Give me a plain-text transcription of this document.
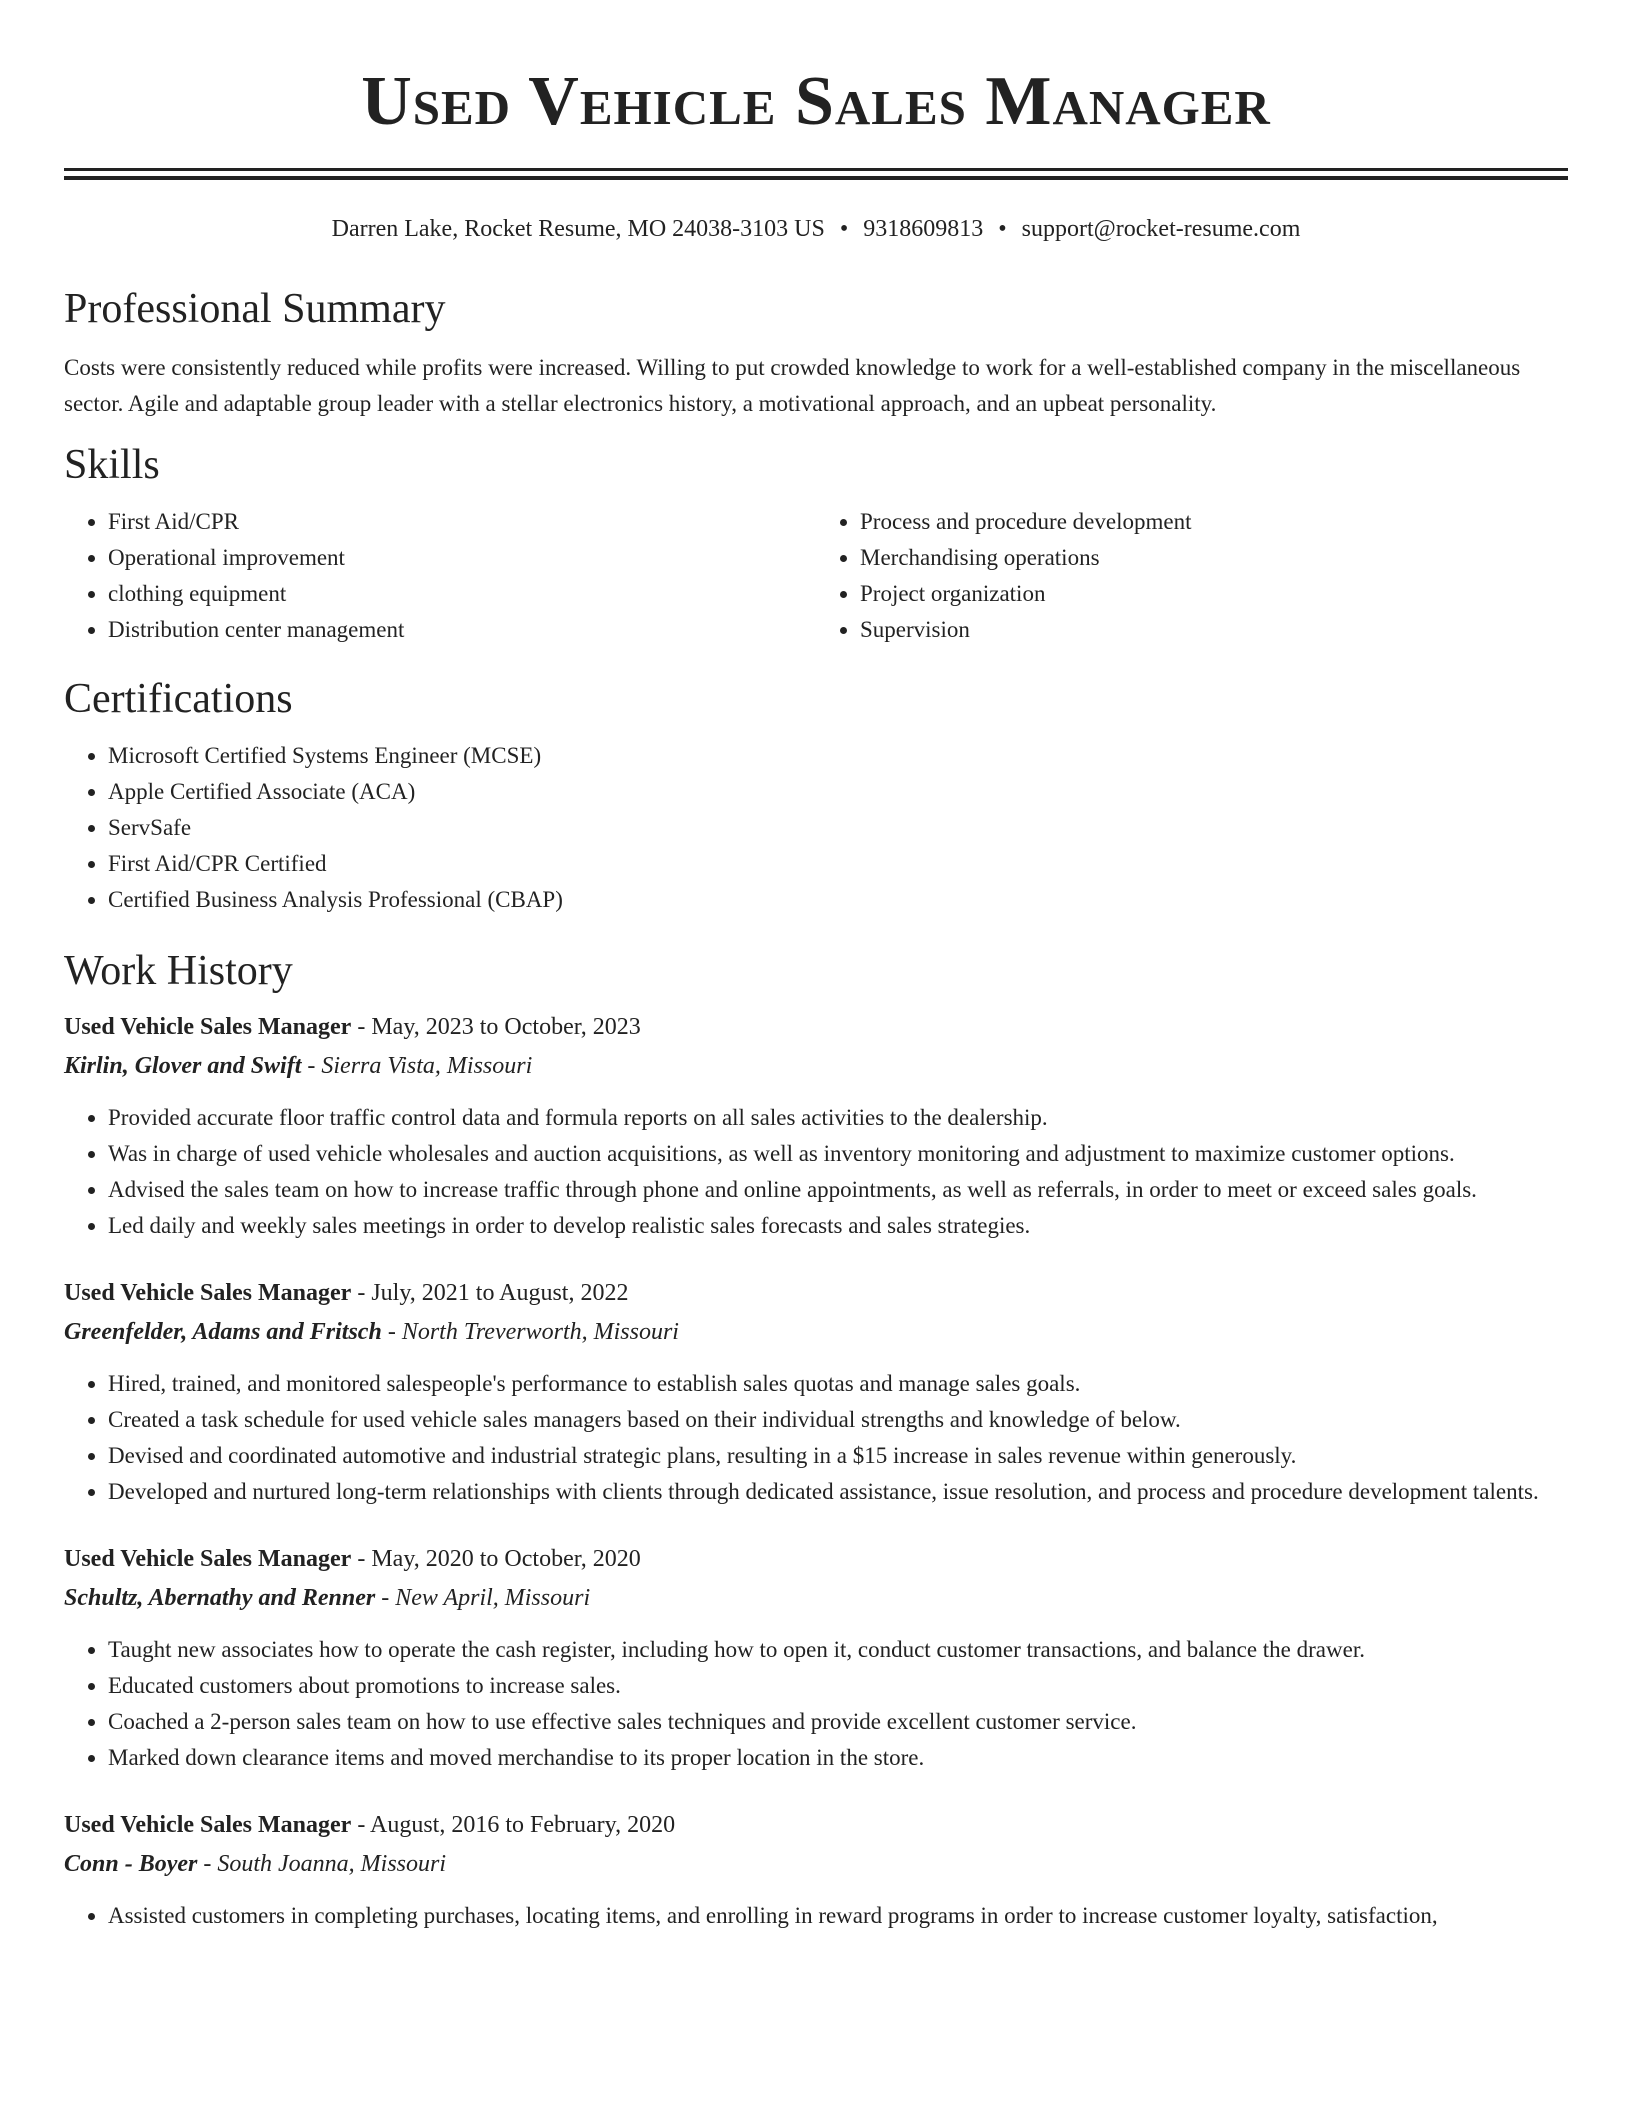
Used Vehicle Sales Manager
Darren Lake, Rocket Resume, MO 24038-3103 US • 9318609813 • support@rocket-resume.com
Professional Summary
Costs were consistently reduced while profits were increased. Willing to put crowded knowledge to work for a well-established company in the miscellaneous sector. Agile and adaptable group leader with a stellar electronics history, a motivational approach, and an upbeat personality.
Skills
• First Aid/CPR
• Operational improvement
• clothing equipment
• Distribution center management
• Process and procedure development
• Merchandising operations
• Project organization
• Supervision
Certifications
• Microsoft Certified Systems Engineer (MCSE)
• Apple Certified Associate (ACA)
• ServSafe
• First Aid/CPR Certified
• Certified Business Analysis Professional (CBAP)
Work History
Used Vehicle Sales Manager - May, 2023 to October, 2023
Kirlin, Glover and Swift - Sierra Vista, Missouri
• Provided accurate floor traffic control data and formula reports on all sales activities to the dealership.
• Was in charge of used vehicle wholesales and auction acquisitions, as well as inventory monitoring and adjustment to maximize customer options.
• Advised the sales team on how to increase traffic through phone and online appointments, as well as referrals, in order to meet or exceed sales goals.
• Led daily and weekly sales meetings in order to develop realistic sales forecasts and sales strategies.
Used Vehicle Sales Manager - July, 2021 to August, 2022
Greenfelder, Adams and Fritsch - North Treverworth, Missouri
• Hired, trained, and monitored salespeople's performance to establish sales quotas and manage sales goals.
• Created a task schedule for used vehicle sales managers based on their individual strengths and knowledge of below.
• Devised and coordinated automotive and industrial strategic plans, resulting in a $15 increase in sales revenue within generously.
• Developed and nurtured long-term relationships with clients through dedicated assistance, issue resolution, and process and procedure development talents.
Used Vehicle Sales Manager - May, 2020 to October, 2020
Schultz, Abernathy and Renner - New April, Missouri
• Taught new associates how to operate the cash register, including how to open it, conduct customer transactions, and balance the drawer.
• Educated customers about promotions to increase sales.
• Coached a 2-person sales team on how to use effective sales techniques and provide excellent customer service.
• Marked down clearance items and moved merchandise to its proper location in the store.
Used Vehicle Sales Manager - August, 2016 to February, 2020
Conn - Boyer - South Joanna, Missouri
• Assisted customers in completing purchases, locating items, and enrolling in reward programs in order to increase customer loyalty, satisfaction,
